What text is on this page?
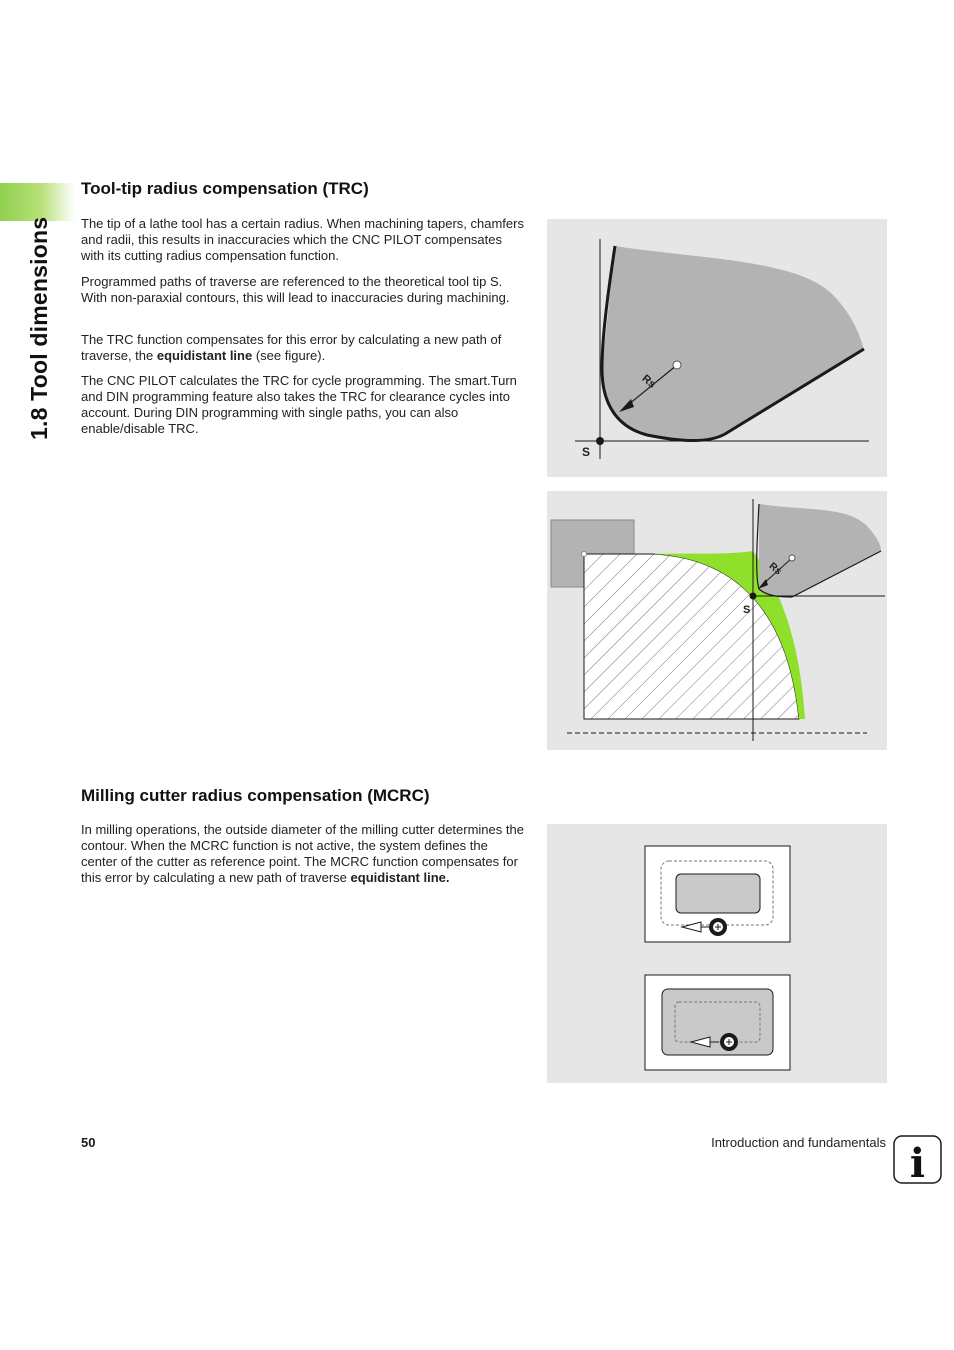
1.8 Tool dimensions
Tool-tip radius compensation (TRC)

The tip of a lathe tool has a certain radius. When machining tapers, chamfers and radii, this results in inaccuracies which the CNC PILOT compensates with its cutting radius compensation function.

Programmed paths of traverse are referenced to the theoretical tool tip S. With non-paraxial contours, this will lead to inaccuracies during machining.

The TRC function compensates for this error by calculating a new path of traverse, the equidistant line (see figure).

The CNC PILOT calculates the TRC for cycle programming. The smart.Turn and DIN programming feature also takes the TRC for clearance cycles into account. During DIN programming with single paths, you can also enable/disable TRC.

Rs
S
Rs
S
Milling cutter radius compensation (MCRC)

In milling operations, the outside diameter of the milling cutter determines the contour. When the MCRC function is not active, the system defines the center of the cutter as reference point. The MCRC function compensates for this error by calculating a new path of traverse equidistant line.

50	Introduction and fundamentals i
